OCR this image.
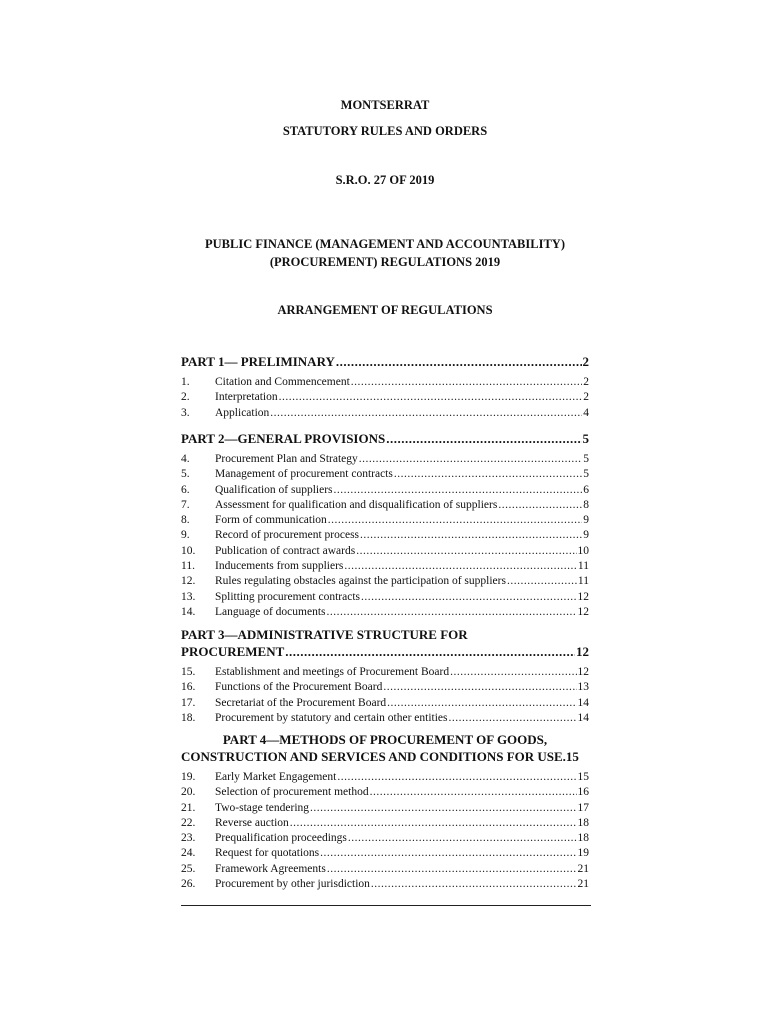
MONTSERRAT
STATUTORY RULES AND ORDERS
S.R.O. 27 OF 2019
PUBLIC FINANCE (MANAGEMENT AND ACCOUNTABILITY)
(PROCUREMENT) REGULATIONS 2019
ARRANGEMENT OF REGULATIONS
PART 1— PRELIMINARY .....	2
1.	Citation and Commencement .....	2
2.	Interpretation .....	2
3.	Application .....	4
PART 2—GENERAL PROVISIONS .....	5
4.	Procurement Plan and Strategy .....	5
5.	Management of procurement contracts .....	5
6.	Qualification of suppliers .....	6
7.	Assessment for qualification and disqualification of suppliers .....	8
8.	Form of communication .....	9
9.	Record of procurement process .....	9
10.	Publication of contract awards .....	10
11.	Inducements from suppliers .....	11
12.	Rules regulating obstacles against the participation of suppliers .....	11
13.	Splitting procurement contracts .....	12
14.	Language of documents .....	12
PART 3—ADMINISTRATIVE STRUCTURE FOR
PROCUREMENT .....	12
15.	Establishment and meetings of Procurement Board .....	12
16.	Functions of the Procurement Board .....	13
17.	Secretariat of the Procurement Board .....	14
18.	Procurement by statutory and certain other entities .....	14
PART 4—METHODS OF PROCUREMENT OF GOODS,
CONSTRUCTION AND SERVICES AND CONDITIONS FOR USE.15
19.	Early Market Engagement .....	15
20.	Selection of procurement method .....	16
21.	Two-stage tendering .....	17
22.	Reverse auction .....	18
23.	Prequalification proceedings .....	18
24.	Request for quotations .....	19
25.	Framework Agreements .....	21
26.	Procurement by other jurisdiction .....	21
